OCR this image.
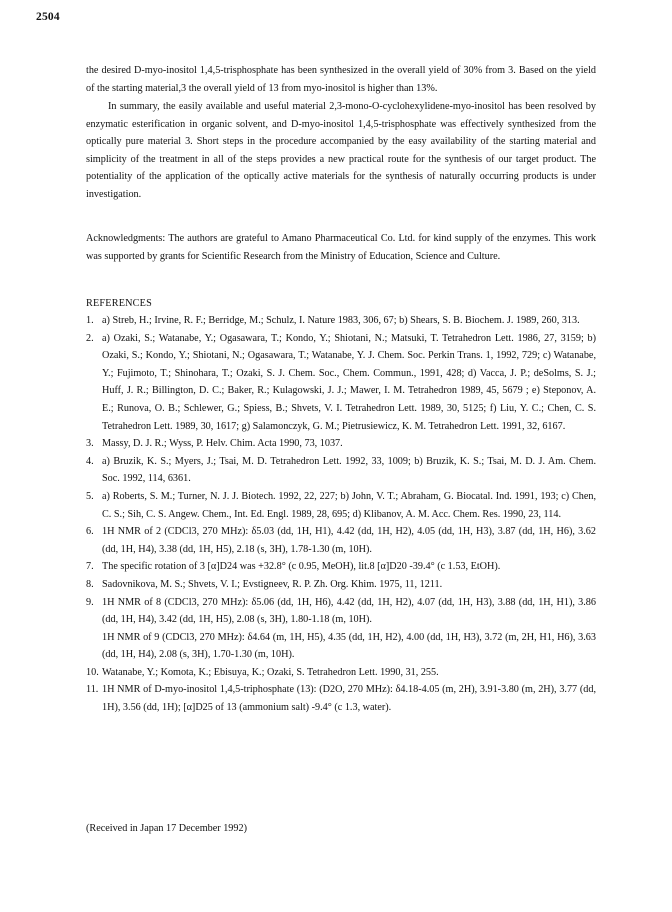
2504

the desired D-myo-inositol 1,4,5-trisphosphate has been synthesized in the overall yield of 30% from 3. Based on the yield of the starting material,3 the overall yield of 13 from myo-inositol is higher than 13%.

In summary, the easily available and useful material 2,3-mono-O-cyclohexylidene-myo-inositol has been resolved by enzymatic esterification in organic solvent, and D-myo-inositol 1,4,5-trisphosphate was effectively synthesized from the optically pure material 3. Short steps in the procedure accompanied by the easy availability of the starting material and simplicity of the treatment in all of the steps provides a new practical route for the synthesis of our target product. The potentiality of the application of the optically active materials for the synthesis of naturally occurring products is under investigation.

Acknowledgments: The authors are grateful to Amano Pharmaceutical Co. Ltd. for kind supply of the enzymes. This work was supported by grants for Scientific Research from the Ministry of Education, Science and Culture.

REFERENCES
1. a) Streb, H.; Irvine, R. F.; Berridge, M.; Schulz, I. Nature 1983, 306, 67; b) Shears, S. B. Biochem. J. 1989, 260, 313.
2. a) Ozaki, S.; Watanabe, Y.; Ogasawara, T.; Kondo, Y.; Shiotani, N.; Matsuki, T. Tetrahedron Lett. 1986, 27, 3159; b) Ozaki, S.; Kondo, Y.; Shiotani, N.; Ogasawara, T.; Watanabe, Y. J. Chem. Soc. Perkin Trans. 1, 1992, 729; c) Watanabe, Y.; Fujimoto, T.; Shinohara, T.; Ozaki, S. J. Chem. Soc., Chem. Commun., 1991, 428; d) Vacca, J. P.; deSolms, S. J.; Huff, J. R.; Billington, D. C.; Baker, R.; Kulagowski, J. J.; Mawer, I. M. Tetrahedron 1989, 45, 5679 ; e) Steponov, A. E.; Runova, O. B.; Schlewer, G.; Spiess, B.; Shvets, V. I. Tetrahedron Lett. 1989, 30, 5125; f) Liu, Y. C.; Chen, C. S. Tetrahedron Lett. 1989, 30, 1617; g) Salamonczyk, G. M.; Pietrusiewicz, K. M. Tetrahedron Lett. 1991, 32, 6167.
3. Massy, D. J. R.; Wyss, P. Helv. Chim. Acta 1990, 73, 1037.
4. a) Bruzik, K. S.; Myers, J.; Tsai, M. D. Tetrahedron Lett. 1992, 33, 1009; b) Bruzik, K. S.; Tsai, M. D. J. Am. Chem. Soc. 1992, 114, 6361.
5. a) Roberts, S. M.; Turner, N. J. J. Biotech. 1992, 22, 227; b) John, V. T.; Abraham, G. Biocatal. Ind. 1991, 193; c) Chen, C. S.; Sih, C. S. Angew. Chem., Int. Ed. Engl. 1989, 28, 695; d) Klibanov, A. M. Acc. Chem. Res. 1990, 23, 114.
6. 1H NMR of 2 (CDCl3, 270 MHz): δ5.03 (dd, 1H, H1), 4.42 (dd, 1H, H2), 4.05 (dd, 1H, H3), 3.87 (dd, 1H, H6), 3.62 (dd, 1H, H4), 3.38 (dd, 1H, H5), 2.18 (s, 3H), 1.78-1.30 (m, 10H).
7. The specific rotation of 3 [α]D24 was +32.8° (c 0.95, MeOH), lit.8 [α]D20 -39.4° (c 1.53, EtOH).
8. Sadovnikova, M. S.; Shvets, V. I.; Evstigneev, R. P. Zh. Org. Khim. 1975, 11, 1211.
9. 1H NMR of 8 (CDCl3, 270 MHz): δ5.06 (dd, 1H, H6), 4.42 (dd, 1H, H2), 4.07 (dd, 1H, H3), 3.88 (dd, 1H, H1), 3.86 (dd, 1H, H4), 3.42 (dd, 1H, H5), 2.08 (s, 3H), 1.80-1.18 (m, 10H).
1H NMR of 9 (CDCl3, 270 MHz): δ4.64 (m, 1H, H5), 4.35 (dd, 1H, H2), 4.00 (dd, 1H, H3), 3.72 (m, 2H, H1, H6), 3.63 (dd, 1H, H4), 2.08 (s, 3H), 1.70-1.30 (m, 10H).
10. Watanabe, Y.; Komota, K.; Ebisuya, K.; Ozaki, S. Tetrahedron Lett. 1990, 31, 255.
11. 1H NMR of D-myo-inositol 1,4,5-triphosphate (13): (D2O, 270 MHz): δ4.18-4.05 (m, 2H), 3.91-3.80 (m, 2H), 3.77 (dd, 1H), 3.56 (dd, 1H); [α]D25 of 13 (ammonium salt) -9.4° (c 1.3, water).
(Received in Japan 17 December 1992)
